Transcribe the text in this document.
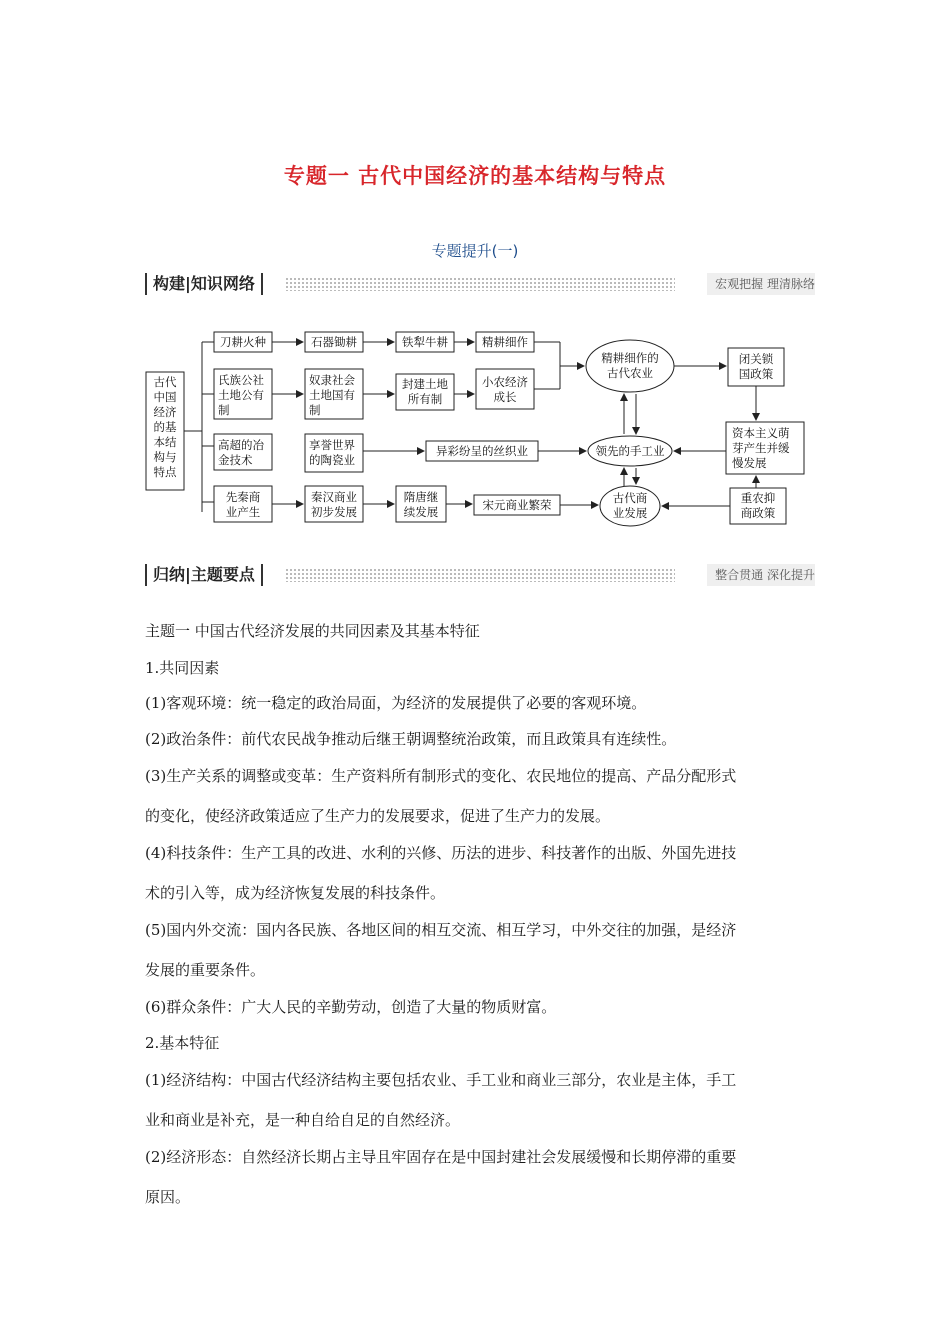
专题一 古代中国经济的基本结构与特点
专题提升(一)
构建|知识网络	宏观把握 理清脉络
古代
中国
经济
的基
本结
构与
特点
刀耕火种	石器锄耕	铁犁牛耕	精耕细作
氏族公社
土地公有
制
奴隶社会
土地国有
制
封建土地
所有制
小农经济
成长
高超的冶
金技术
享誉世界
的陶瓷业
异彩纷呈的丝织业
先秦商
业产生
秦汉商业
初步发展
隋唐继
续发展	宋元商业繁荣
精耕细作的
古代农业
领先的手工业
古代商
业发展
闭关锁
国政策
资本主义萌
芽产生并缓
慢发展
重农抑
商政策
归纳|主题要点	整合贯通 深化提升

主题一 中国古代经济发展的共同因素及其基本特征

1.共同因素

(1)客观环境：统一稳定的政治局面，为经济的发展提供了必要的客观环境。

(2)政治条件：前代农民战争推动后继王朝调整统治政策，而且政策具有连续性。

(3)生产关系的调整或变革：生产资料所有制形式的变化、农民地位的提高、产品分配形式

的变化，使经济政策适应了生产力的发展要求，促进了生产力的发展。

(4)科技条件：生产工具的改进、水利的兴修、历法的进步、科技著作的出版、外国先进技

术的引入等，成为经济恢复发展的科技条件。

(5)国内外交流：国内各民族、各地区间的相互交流、相互学习，中外交往的加强，是经济

发展的重要条件。

(6)群众条件：广大人民的辛勤劳动，创造了大量的物质财富。

2.基本特征

(1)经济结构：中国古代经济结构主要包括农业、手工业和商业三部分，农业是主体，手工

业和商业是补充，是一种自给自足的自然经济。

(2)经济形态：自然经济长期占主导且牢固存在是中国封建社会发展缓慢和长期停滞的重要

原因。
